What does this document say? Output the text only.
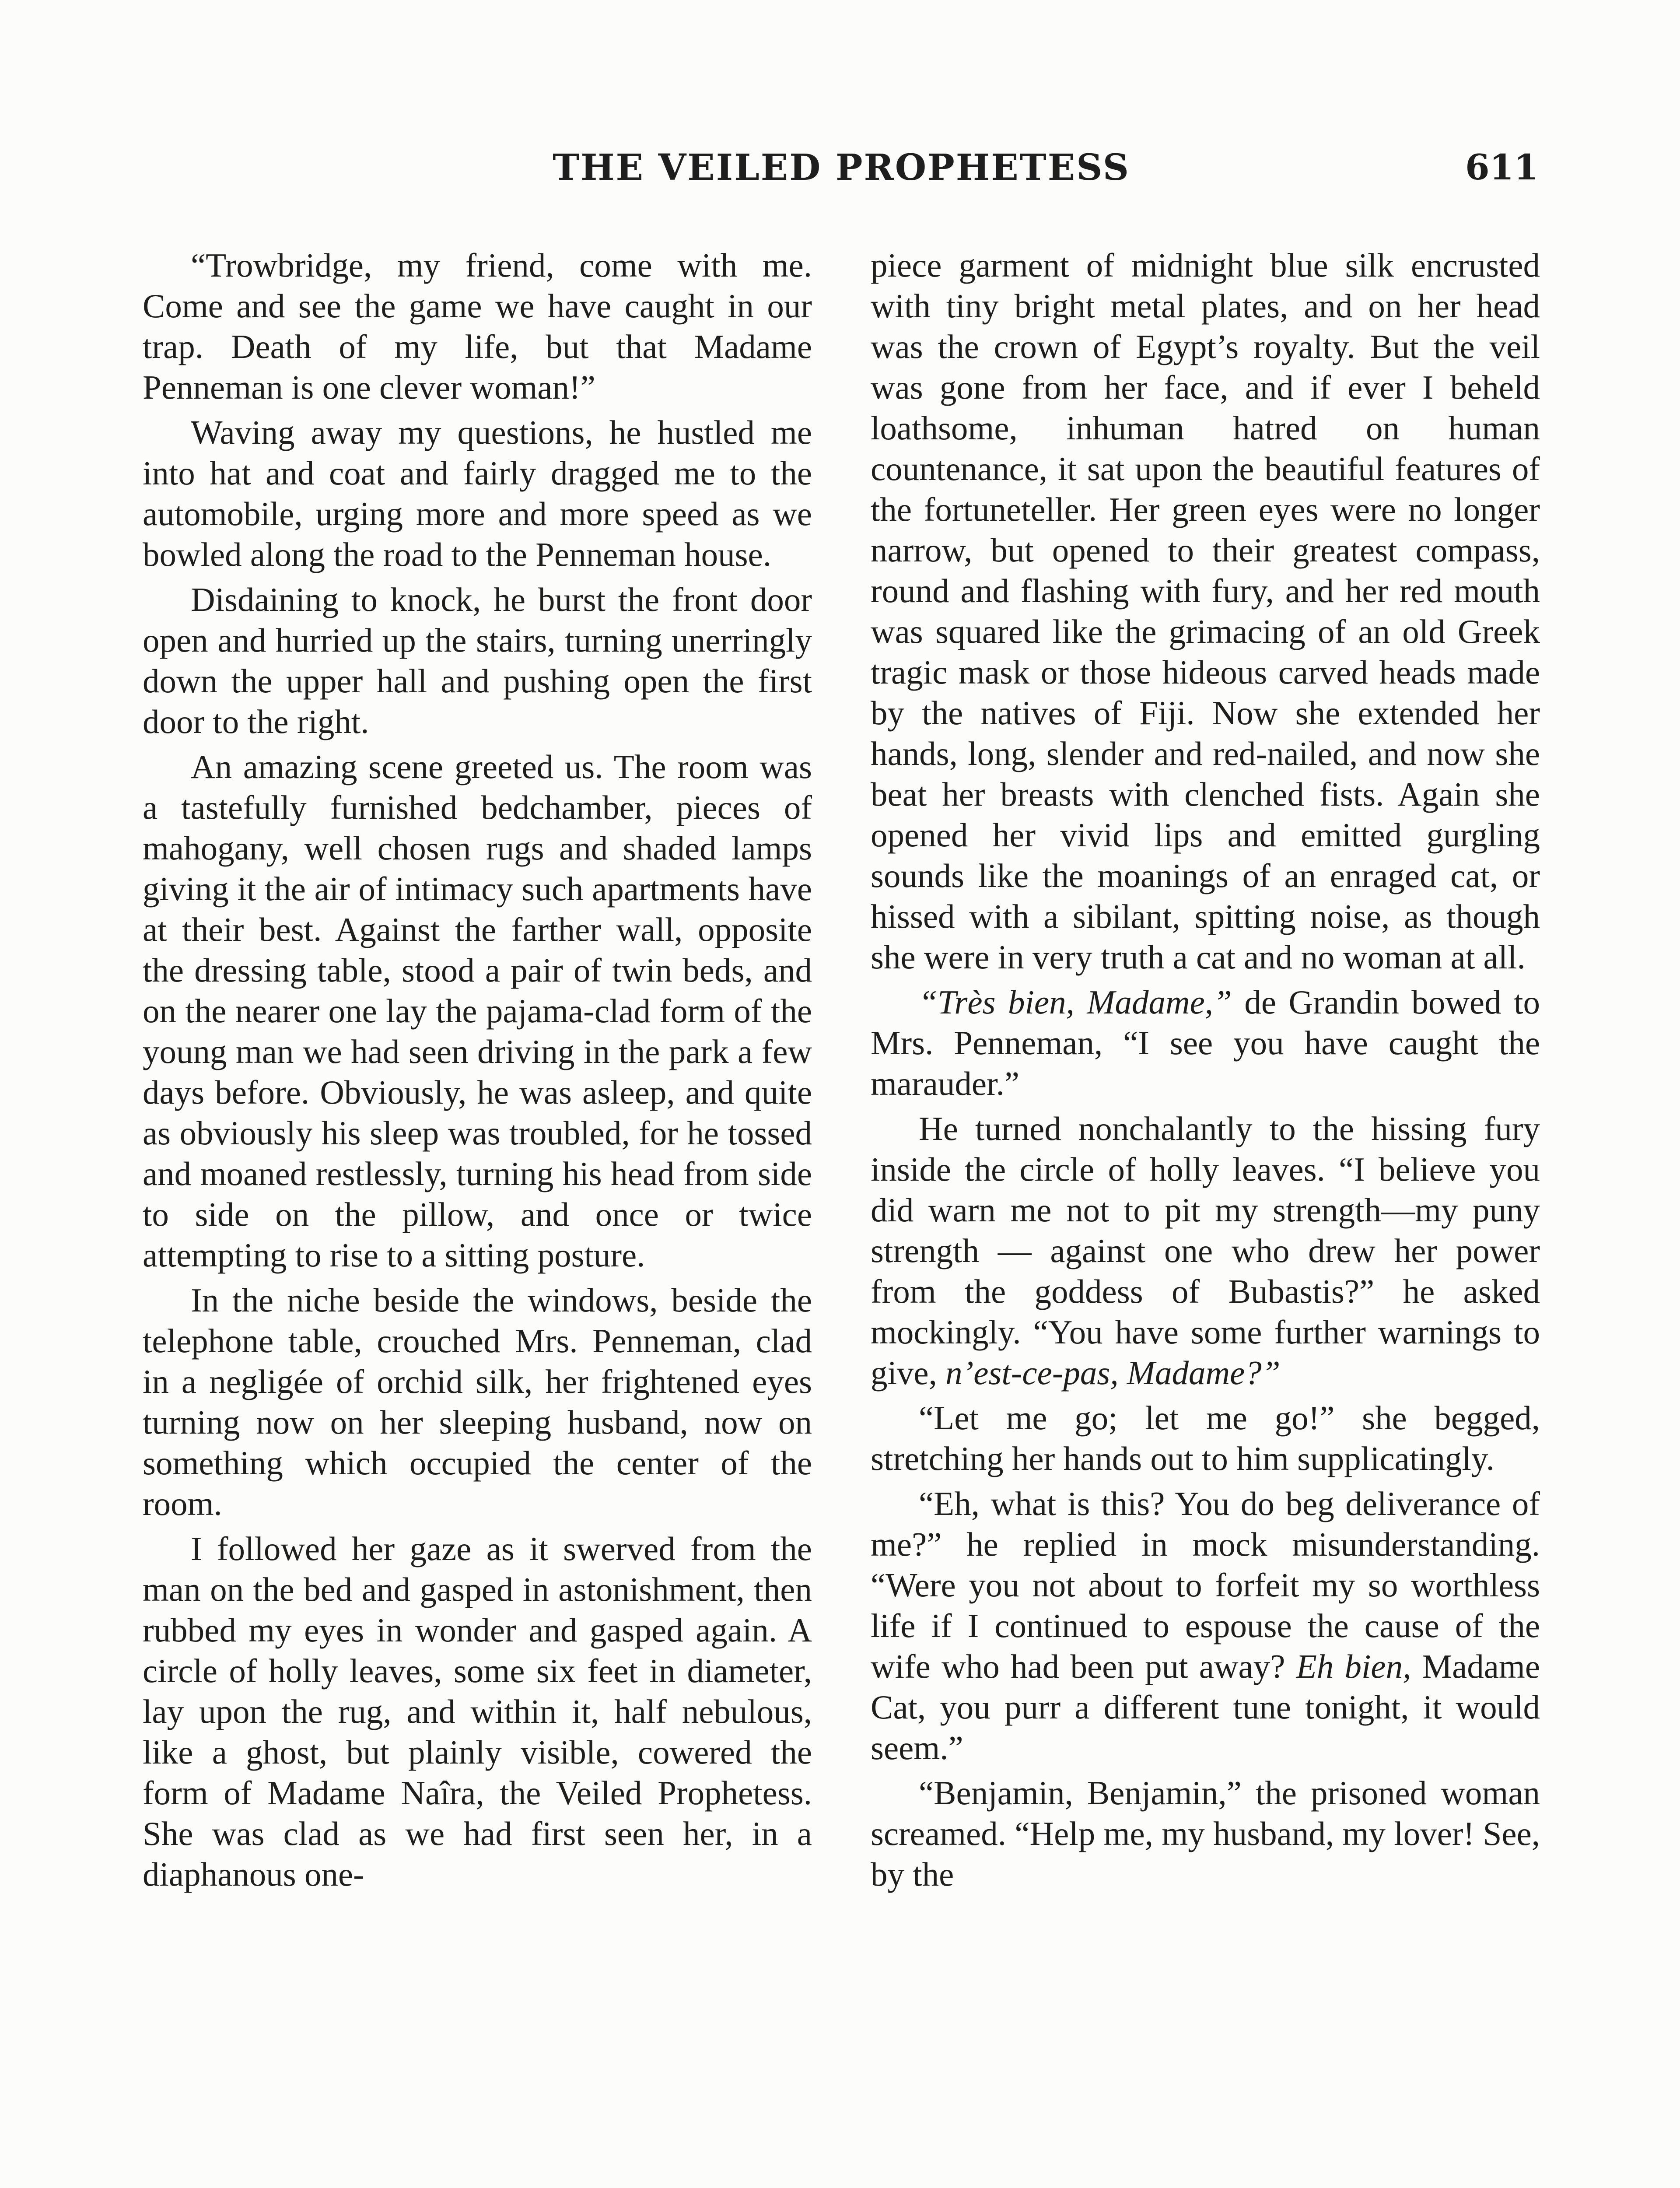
THE VEILED PROPHETESS	611

“Trowbridge, my friend, come with me. Come and see the game we have caught in our trap. Death of my life, but that Madame Penneman is one clever woman!”

Waving away my questions, he hustled me into hat and coat and fairly dragged me to the automobile, urging more and more speed as we bowled along the road to the Penneman house.

Disdaining to knock, he burst the front door open and hurried up the stairs, turning unerringly down the upper hall and pushing open the first door to the right.

An amazing scene greeted us. The room was a tastefully furnished bedchamber, pieces of mahogany, well chosen rugs and shaded lamps giving it the air of intimacy such apartments have at their best. Against the farther wall, opposite the dressing table, stood a pair of twin beds, and on the nearer one lay the pajama-clad form of the young man we had seen driving in the park a few days before. Obviously, he was asleep, and quite as obviously his sleep was troubled, for he tossed and moaned restlessly, turning his head from side to side on the pillow, and once or twice attempting to rise to a sitting posture.

In the niche beside the windows, beside the telephone table, crouched Mrs. Penneman, clad in a negligée of orchid silk, her frightened eyes turning now on her sleeping husband, now on something which occupied the center of the room.

I followed her gaze as it swerved from the man on the bed and gasped in astonishment, then rubbed my eyes in wonder and gasped again. A circle of holly leaves, some six feet in diameter, lay upon the rug, and within it, half nebulous, like a ghost, but plainly visible, cowered the form of Madame Naîra, the Veiled Prophetess. She was clad as we had first seen her, in a diaphanous one-

piece garment of midnight blue silk encrusted with tiny bright metal plates, and on her head was the crown of Egypt’s royalty. But the veil was gone from her face, and if ever I beheld loathsome, inhuman hatred on human countenance, it sat upon the beautiful features of the fortuneteller. Her green eyes were no longer narrow, but opened to their greatest compass, round and flashing with fury, and her red mouth was squared like the grimacing of an old Greek tragic mask or those hideous carved heads made by the natives of Fiji. Now she extended her hands, long, slender and red-nailed, and now she beat her breasts with clenched fists. Again she opened her vivid lips and emitted gurgling sounds like the moanings of an enraged cat, or hissed with a sibilant, spitting noise, as though she were in very truth a cat and no woman at all.

“Très bien, Madame,” de Grandin bowed to Mrs. Penneman, “I see you have caught the marauder.”

He turned nonchalantly to the hissing fury inside the circle of holly leaves. “I believe you did warn me not to pit my strength—my puny strength — against one who drew her power from the goddess of Bubastis?” he asked mockingly. “You have some further warnings to give, n’est-ce-pas, Madame?”

“Let me go; let me go!” she begged, stretching her hands out to him supplicatingly.

“Eh, what is this? You do beg deliverance of me?” he replied in mock misunderstanding. “Were you not about to forfeit my so worthless life if I continued to espouse the cause of the wife who had been put away? Eh bien, Madame Cat, you purr a different tune tonight, it would seem.”

“Benjamin, Benjamin,” the prisoned woman screamed. “Help me, my husband, my lover! See, by the
